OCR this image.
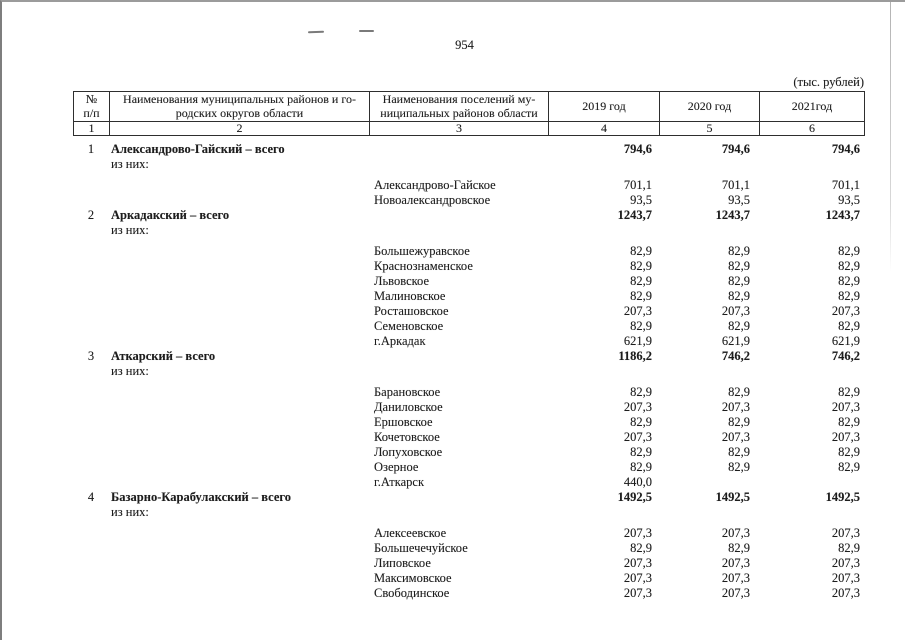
954
(тыс. рублей)
№
п/п	Наименования муниципальных районов и го-
родских округов области	Наименования поселений му-
ниципальных районов области	2019 год	2020 год	2021год
1	2	3	4	5	6
1	Александрово-Гайский – всего	794,6	794,6	794,6
из них:
Александрово-Гайское	701,1	701,1	701,1
Новоалександровское	93,5	93,5	93,5
2	Аркадакский – всего	1243,7	1243,7	1243,7
из них:
Большежуравское	82,9	82,9	82,9
Краснознаменское	82,9	82,9	82,9
Львовское	82,9	82,9	82,9
Малиновское	82,9	82,9	82,9
Росташовское	207,3	207,3	207,3
Семеновское	82,9	82,9	82,9
г.Аркадак	621,9	621,9	621,9
3	Аткарский – всего	1186,2	746,2	746,2
из них:
Барановское	82,9	82,9	82,9
Даниловское	207,3	207,3	207,3
Ершовское	82,9	82,9	82,9
Кочетовское	207,3	207,3	207,3
Лопуховское	82,9	82,9	82,9
Озерное	82,9	82,9	82,9
г.Аткарск	440,0
4	Базарно-Карабулакский – всего	1492,5	1492,5	1492,5
из них:
Алексеевское	207,3	207,3	207,3
Большечечуйское	82,9	82,9	82,9
Липовское	207,3	207,3	207,3
Максимовское	207,3	207,3	207,3
Свободинское	207,3	207,3	207,3
